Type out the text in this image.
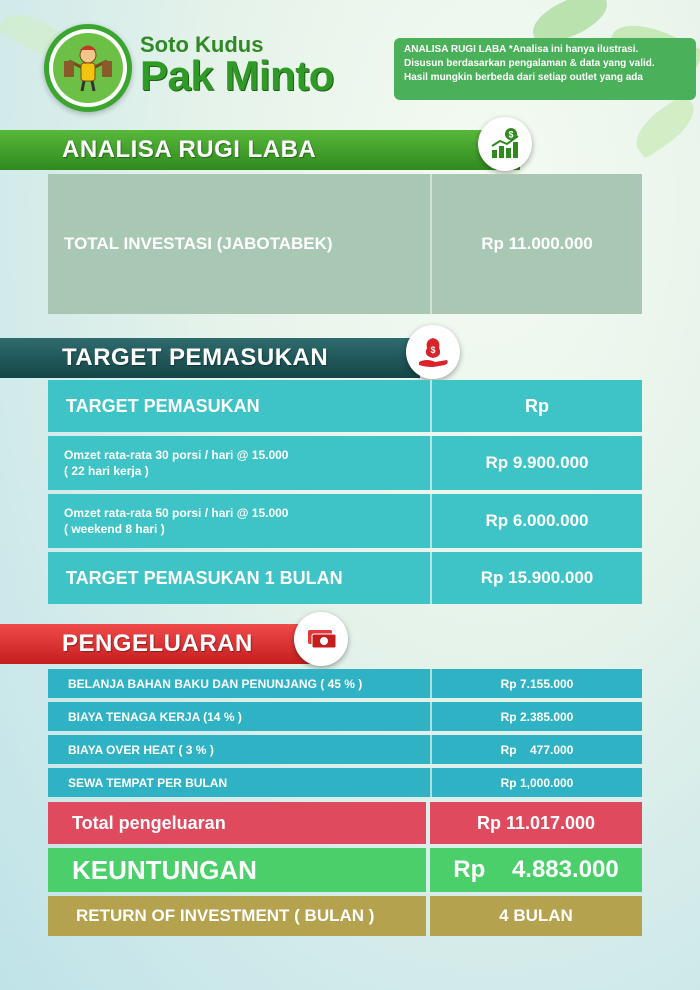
Soto Kudus
Pak Minto
ANALISA RUGI LABA *Analisa ini hanya ilustrasi.
Disusun berdasarkan pengalaman & data yang valid.
Hasil mungkin berbeda dari setiap outlet yang ada
ANALISA RUGI LABA
$
TOTAL INVESTASI (JABOTABEK)	Rp 11.000.000
TARGET PEMASUKAN	$
TARGET PEMASUKAN	Rp
Omzet rata-rata 30 porsi / hari @ 15.000
( 22 hari kerja )	Rp 9.900.000
Omzet rata-rata 50 porsi / hari @ 15.000
( weekend 8 hari )	Rp 6.000.000
TARGET PEMASUKAN 1 BULAN	Rp 15.900.000
PENGELUARAN
BELANJA BAHAN BAKU DAN PENUNJANG ( 45 % )	Rp 7.155.000
BIAYA TENAGA KERJA (14 % )	Rp 2.385.000
BIAYA OVER HEAT ( 3 % )	Rp    477.000
SEWA TEMPAT PER BULAN	Rp 1,000.000
Total pengeluaran	Rp 11.017.000
KEUNTUNGAN	Rp    4.883.000
RETURN OF INVESTMENT ( BULAN )	4 BULAN
